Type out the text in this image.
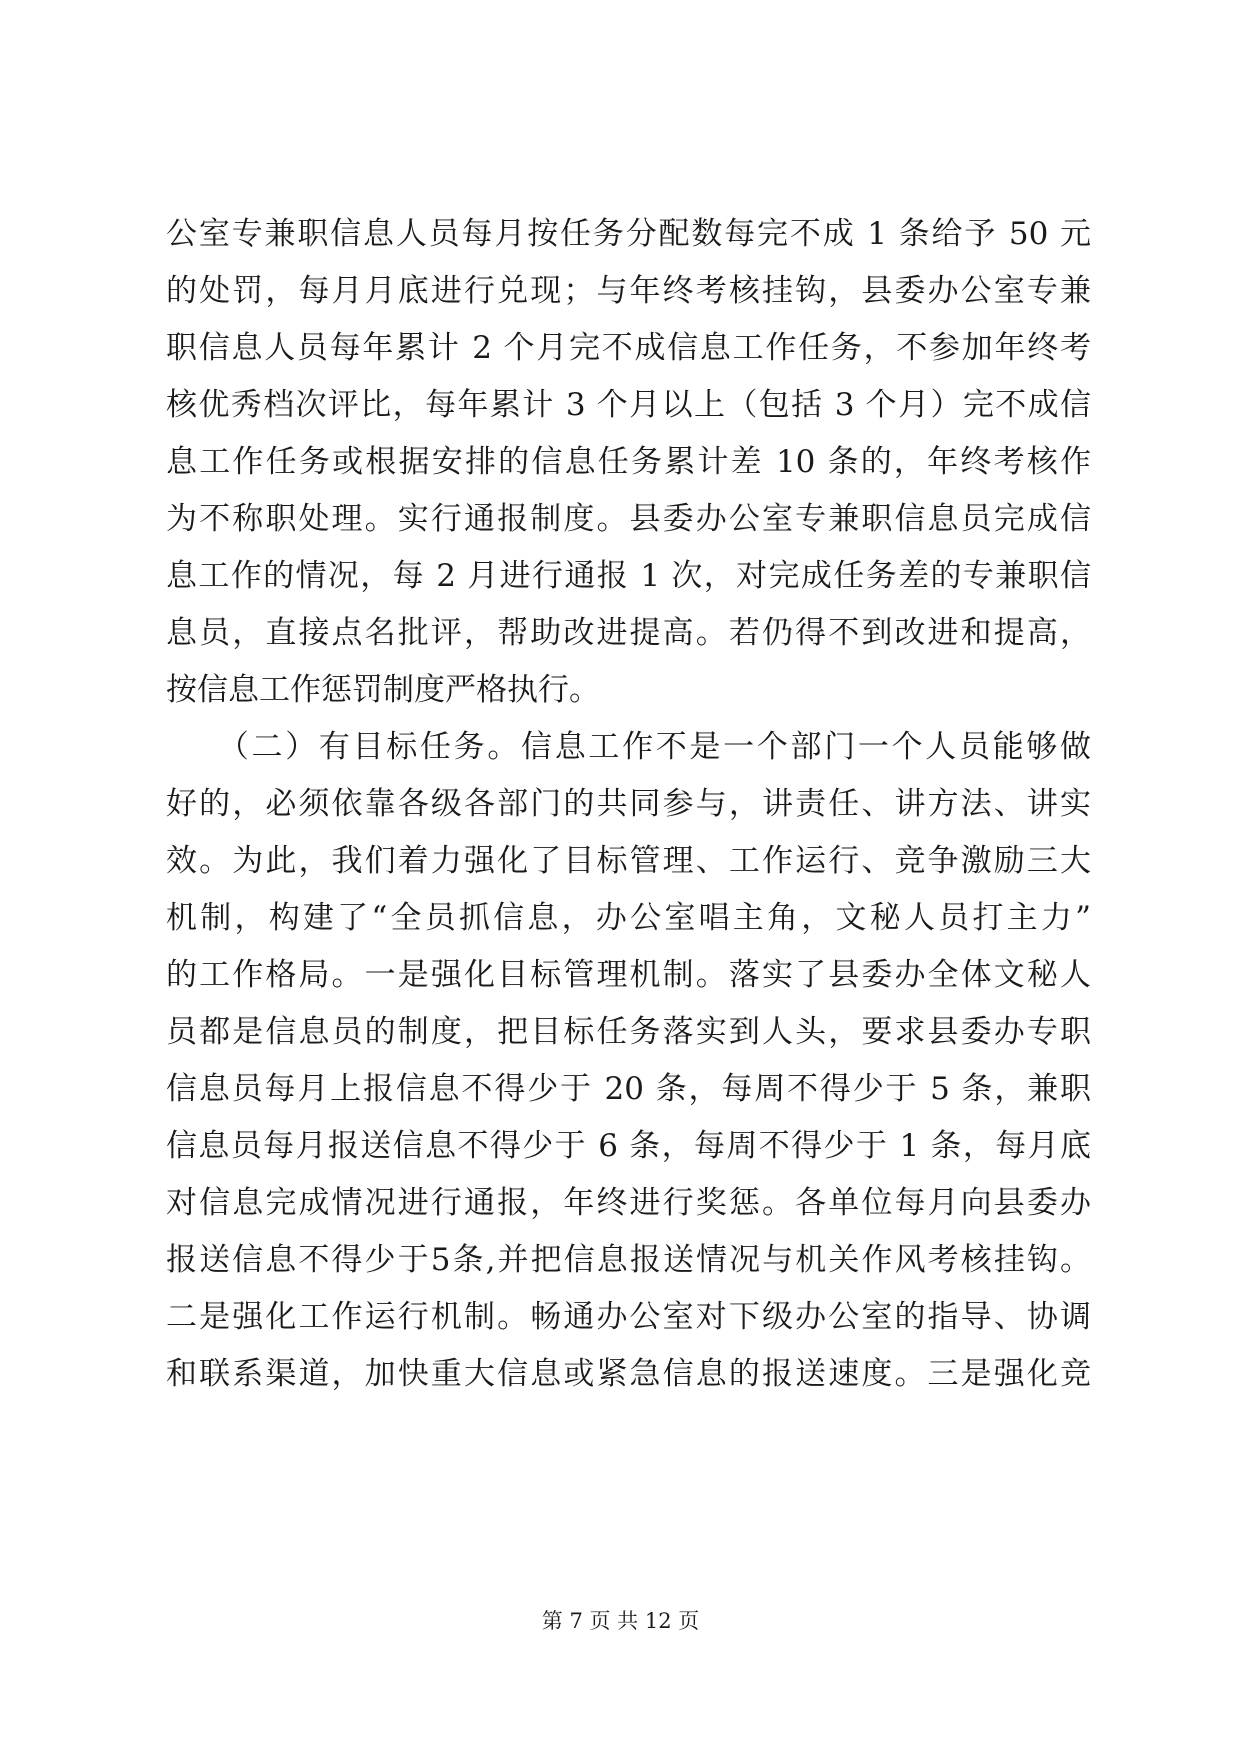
公室专兼职信息人员每月按任务分配数每完不成 1 条给予 50 元
的处罚，每月月底进行兑现；与年终考核挂钩，县委办公室专兼
职信息人员每年累计 2 个月完不成信息工作任务，不参加年终考
核优秀档次评比，每年累计 3 个月以上（包括 3 个月）完不成信
息工作任务或根据安排的信息任务累计差 10 条的，年终考核作
为不称职处理。实行通报制度。县委办公室专兼职信息员完成信
息工作的情况，每 2 月进行通报 1 次，对完成任务差的专兼职信
息员，直接点名批评，帮助改进提高。若仍得不到改进和提高，
按信息工作惩罚制度严格执行。
　　（二）有目标任务。信息工作不是一个部门一个人员能够做
好的，必须依靠各级各部门的共同参与，讲责任、讲方法、讲实
效。为此，我们着力强化了目标管理、工作运行、竞争激励三大
机制，构建了“全员抓信息，办公室唱主角，文秘人员打主力”
的工作格局。一是强化目标管理机制。落实了县委办全体文秘人
员都是信息员的制度，把目标任务落实到人头，要求县委办专职
信息员每月上报信息不得少于 20 条，每周不得少于 5 条，兼职
信息员每月报送信息不得少于 6 条，每周不得少于 1 条，每月底
对信息完成情况进行通报，年终进行奖惩。各单位每月向县委办
报送信息不得少于5条,并把信息报送情况与机关作风考核挂钩。
二是强化工作运行机制。畅通办公室对下级办公室的指导、协调
和联系渠道，加快重大信息或紧急信息的报送速度。三是强化竞
第 7 页 共 12 页
